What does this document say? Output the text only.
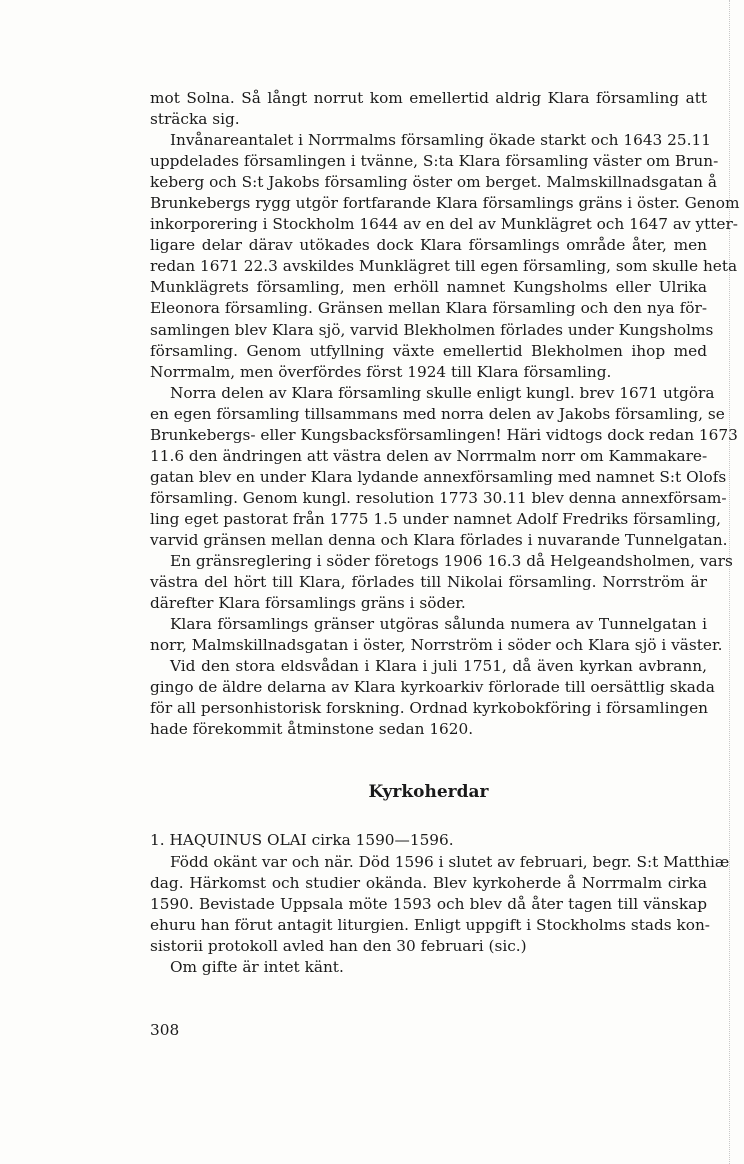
mot Solna. Så långt norrut kom emellertid aldrig Klara församling att
sträcka sig.
Invånareantalet i Norrmalms församling ökade starkt och 1643 25.11
uppdelades församlingen i tvänne, S:ta Klara församling väster om Brun-
keberg och S:t Jakobs församling öster om berget. Malmskillnadsgatan å
Brunkebergs rygg utgör fortfarande Klara församlings gräns i öster. Genom
inkorporering i Stockholm 1644 av en del av Munklägret och 1647 av ytter-
ligare delar därav utökades dock Klara församlings område åter, men
redan 1671 22.3 avskildes Munklägret till egen församling, som skulle heta
Munklägrets församling, men erhöll namnet Kungsholms eller Ulrika
Eleonora församling. Gränsen mellan Klara församling och den nya för-
samlingen blev Klara sjö, varvid Blekholmen förlades under Kungsholms
församling. Genom utfyllning växte emellertid Blekholmen ihop med
Norrmalm, men överfördes först 1924 till Klara församling.
Norra delen av Klara församling skulle enligt kungl. brev 1671 utgöra
en egen församling tillsammans med norra delen av Jakobs församling, se
Brunkebergs- eller Kungsbacksförsamlingen! Häri vidtogs dock redan 1673
11.6 den ändringen att västra delen av Norrmalm norr om Kammakare-
gatan blev en under Klara lydande annexförsamling med namnet S:t Olofs
församling. Genom kungl. resolution 1773 30.11 blev denna annexförsam-
ling eget pastorat från 1775 1.5 under namnet Adolf Fredriks församling,
varvid gränsen mellan denna och Klara förlades i nuvarande Tunnelgatan.
En gränsreglering i söder företogs 1906 16.3 då Helgeandsholmen, vars
västra del hört till Klara, förlades till Nikolai församling. Norrström är
därefter Klara församlings gräns i söder.
Klara församlings gränser utgöras sålunda numera av Tunnelgatan i
norr, Malmskillnadsgatan i öster, Norrström i söder och Klara sjö i väster.
Vid den stora eldsvådan i Klara i juli 1751, då även kyrkan avbrann,
gingo de äldre delarna av Klara kyrkoarkiv förlorade till oersättlig skada
för all personhistorisk forskning. Ordnad kyrkobokföring i församlingen
hade förekommit åtminstone sedan 1620.
Kyrkoherdar
1. HAQUINUS OLAI cirka 1590—1596.
Född okänt var och när. Död 1596 i slutet av februari, begr. S:t Matthiæ
dag. Härkomst och studier okända. Blev kyrkoherde å Norrmalm cirka
1590. Bevistade Uppsala möte 1593 och blev då åter tagen till vänskap
ehuru han förut antagit liturgien. Enligt uppgift i Stockholms stads kon-
sistorii protokoll avled han den 30 februari (sic.)
Om gifte är intet känt.
308
